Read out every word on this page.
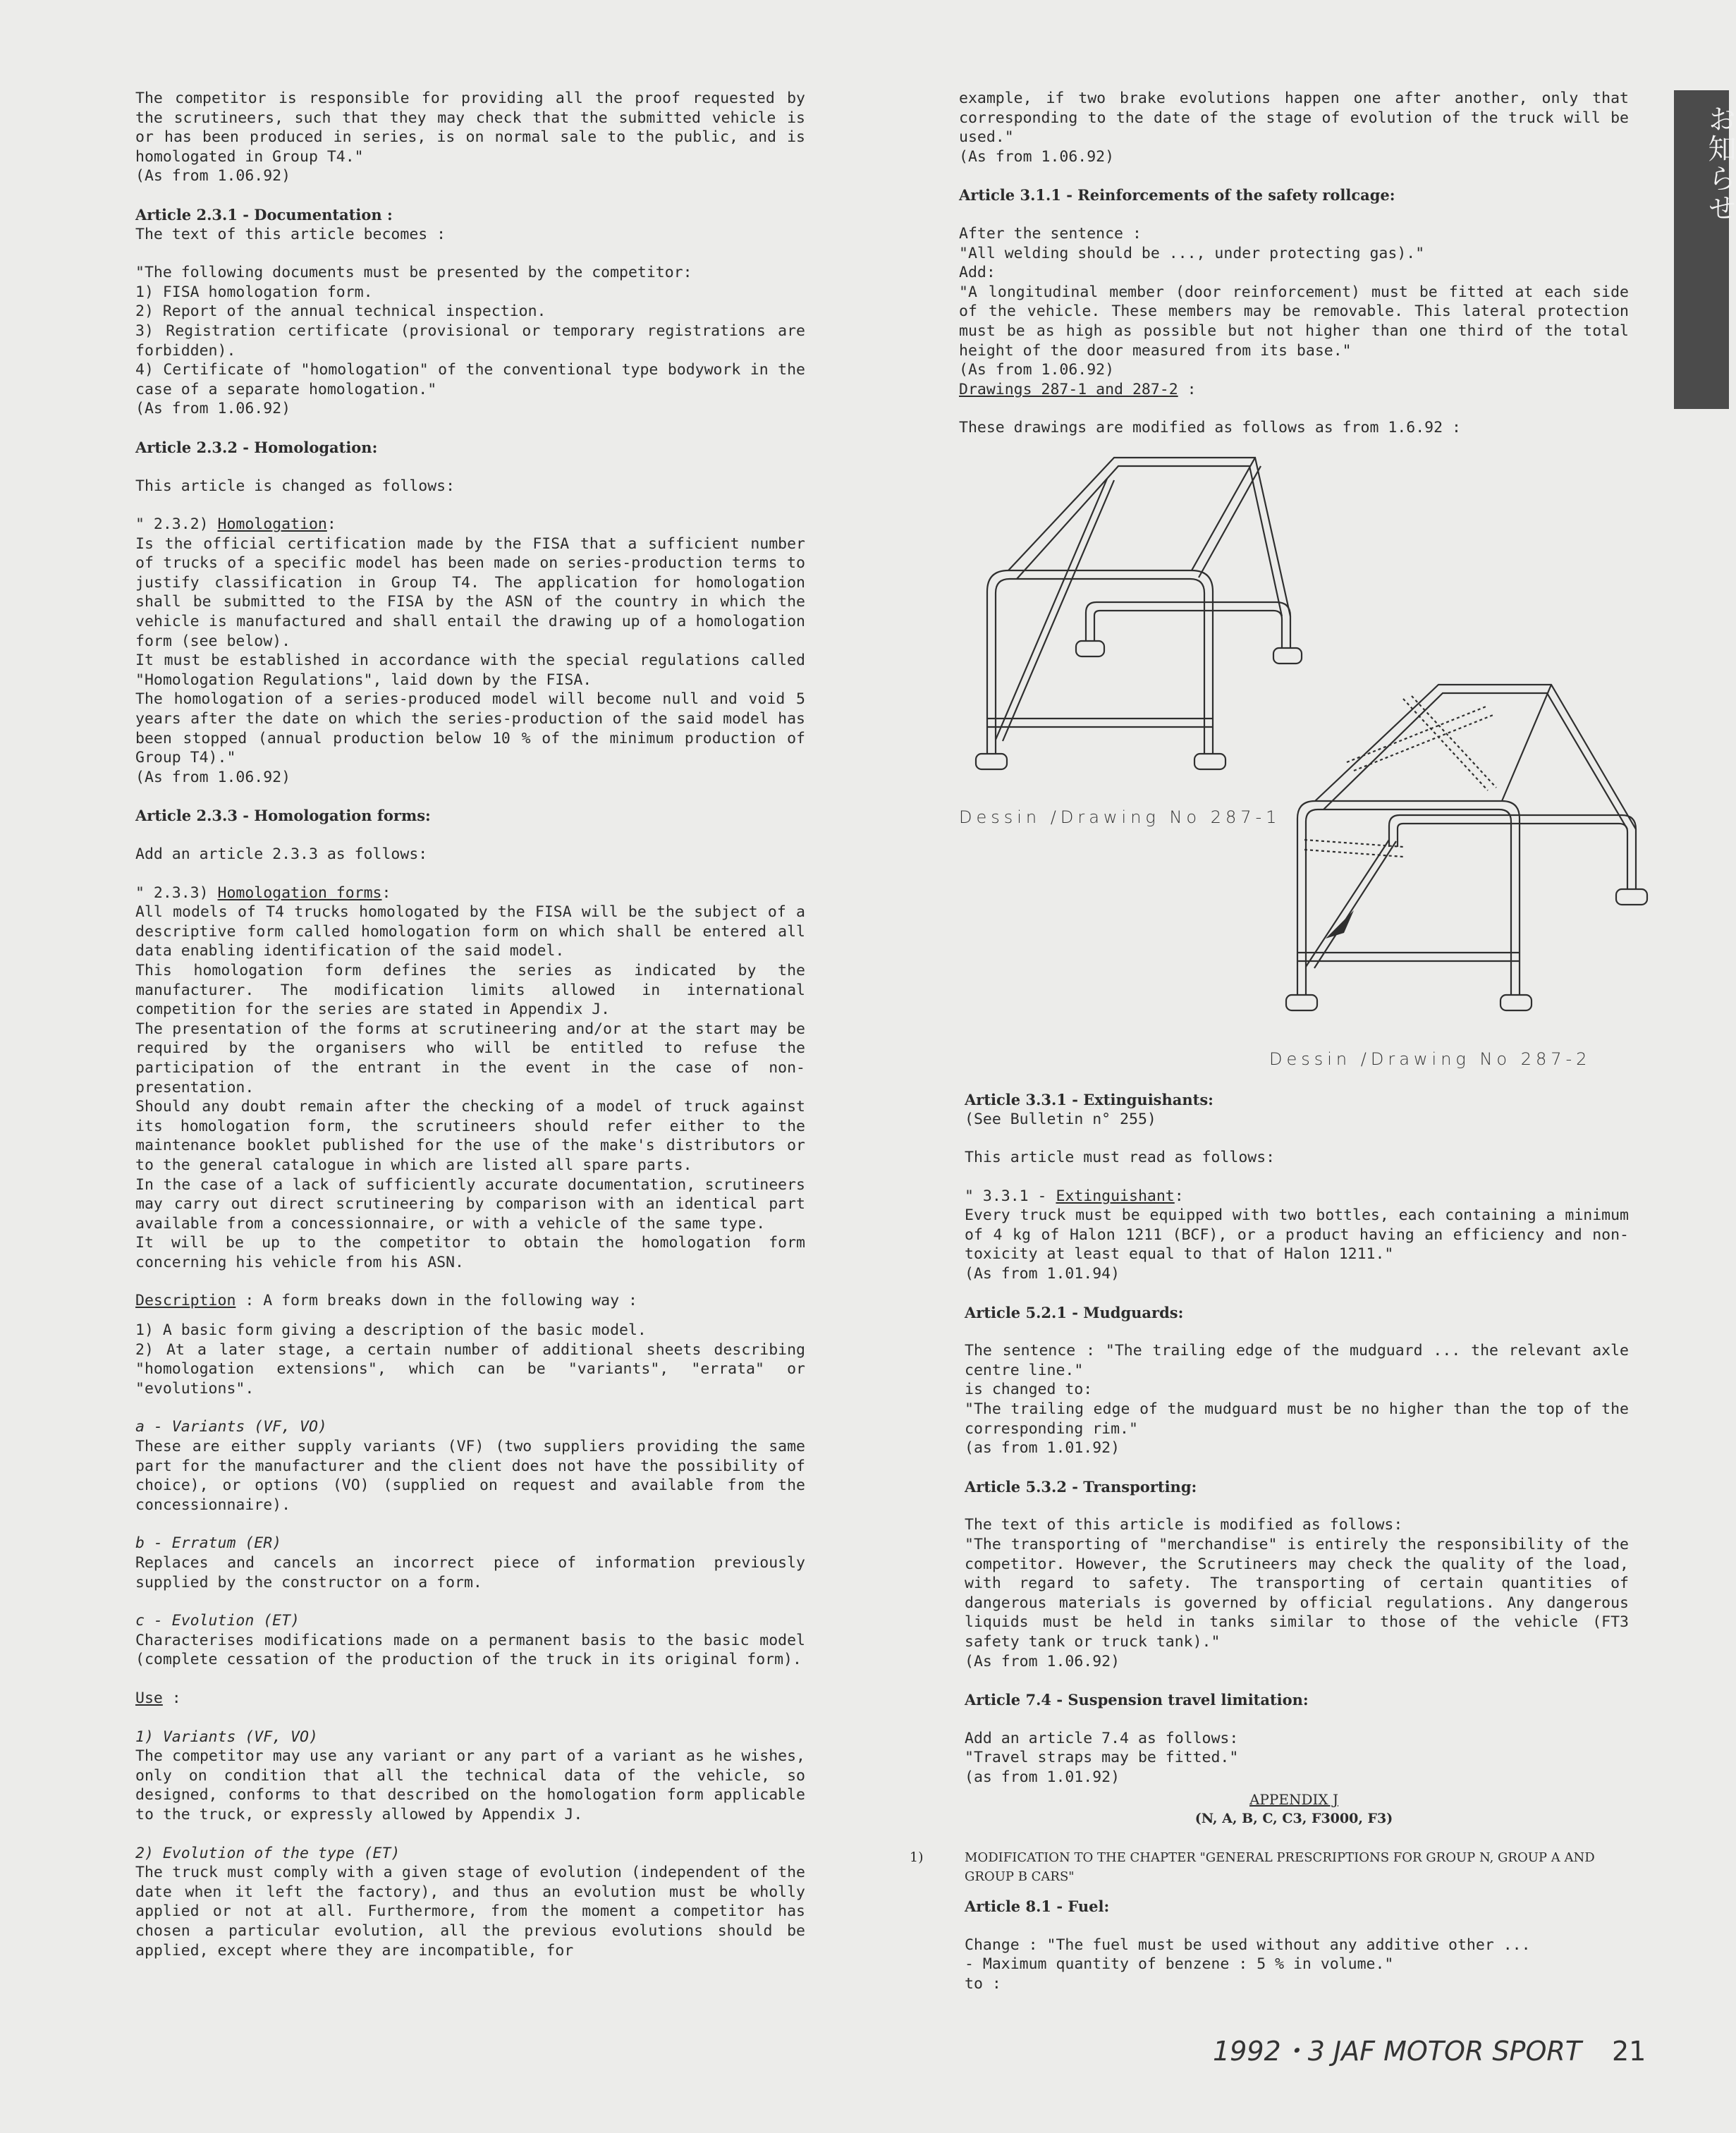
お知らせ
The competitor is responsible for providing all the proof requested by the scrutineers, such that they may check that the submitted vehicle is or has been produced in series, is on normal sale to the public, and is homologated in Group T4."
(As from 1.06.92)
Article 2.3.1 - Documentation :
The text of this article becomes :
"The following documents must be presented by the competitor:
1) FISA homologation form.
2) Report of the annual technical inspection.
3) Registration certificate (provisional or temporary registrations are forbidden).
4) Certificate of "homologation" of the conventional type bodywork in the case of a separate homologation."
(As from 1.06.92)
Article 2.3.2 - Homologation:
This article is changed as follows:
" 2.3.2) Homologation:
Is the official certification made by the FISA that a sufficient number of trucks of a specific model has been made on series-production terms to justify classification in Group T4. The application for homologation shall be submitted to the FISA by the ASN of the country in which the vehicle is manufactured and shall entail the drawing up of a homologation form (see below).
It must be established in accordance with the special regulations called "Homologation Regulations", laid down by the FISA.
The homologation of a series-produced model will become null and void 5 years after the date on which the series-production of the said model has been stopped (annual production below 10 % of the minimum production of Group T4)."
(As from 1.06.92)
Article 2.3.3 - Homologation forms:
Add an article 2.3.3 as follows:
" 2.3.3) Homologation forms:
All models of T4 trucks homologated by the FISA will be the subject of a descriptive form called homologation form on which shall be entered all data enabling identification of the said model.
This homologation form defines the series as indicated by the manufacturer. The modification limits allowed in international competition for the series are stated in Appendix J.
The presentation of the forms at scrutineering and/or at the start may be required by the organisers who will be entitled to refuse the participation of the entrant in the event in the case of non-presentation.
Should any doubt remain after the checking of a model of truck against its homologation form, the scrutineers should refer either to the maintenance booklet published for the use of the make's distributors or to the general catalogue in which are listed all spare parts.
In the case of a lack of sufficiently accurate documentation, scrutineers may carry out direct scrutineering by comparison with an identical part available from a concessionnaire, or with a vehicle of the same type.
It will be up to the competitor to obtain the homologation form concerning his vehicle from his ASN.
Description : A form breaks down in the following way :
1) A basic form giving a description of the basic model.
2) At a later stage, a certain number of additional sheets describing "homologation extensions", which can be "variants", "errata" or "evolutions".
a - Variants (VF, VO)
These are either supply variants (VF) (two suppliers providing the same part for the manufacturer and the client does not have the possibility of choice), or options (VO) (supplied on request and available from the concessionnaire).
b - Erratum (ER)
Replaces and cancels an incorrect piece of information previously supplied by the constructor on a form.
c - Evolution (ET)
Characterises modifications made on a permanent basis to the basic model (complete cessation of the production of the truck in its original form).
Use :
1) Variants (VF, VO)
The competitor may use any variant or any part of a variant as he wishes, only on condition that all the technical data of the vehicle, so designed, conforms to that described on the homologation form applicable to the truck, or expressly allowed by Appendix J.
2) Evolution of the type (ET)
The truck must comply with a given stage of evolution (independent of the date when it left the factory), and thus an evolution must be wholly applied or not at all. Furthermore, from the moment a competitor has chosen a particular evolution, all the previous evolutions should be applied, except where they are incompatible, for
example, if two brake evolutions happen one after another, only that corresponding to the date of the stage of evolution of the truck will be used."
(As from 1.06.92)
Article 3.1.1 - Reinforcements of the safety rollcage:
After the sentence :
"All welding should be ..., under protecting gas)."
Add:
"A longitudinal member (door reinforcement) must be fitted at each side of the vehicle. These members may be removable. This lateral protection must be as high as possible but not higher than one third of the total height of the door measured from its base."
(As from 1.06.92)
Drawings 287-1 and 287-2 :
These drawings are modified as follows as from 1.6.92 :
Dessin /Drawing No 287-1
Dessin /Drawing No 287-2
Article 3.3.1 - Extinguishants:
(See Bulletin n° 255)
This article must read as follows:
" 3.3.1 - Extinguishant:
Every truck must be equipped with two bottles, each containing a minimum of 4 kg of Halon 1211 (BCF), or a product having an efficiency and non-toxicity at least equal to that of Halon 1211."
(As from 1.01.94)
Article 5.2.1 - Mudguards:
The sentence : "The trailing edge of the mudguard ... the relevant axle centre line."
is changed to:
"The trailing edge of the mudguard must be no higher than the top of the corresponding rim."
(as from 1.01.92)
Article 5.3.2 - Transporting:
The text of this article is modified as follows:
"The transporting of "merchandise" is entirely the responsibility of the competitor. However, the Scrutineers may check the quality of the load, with regard to safety. The transporting of certain quantities of dangerous materials is governed by official regulations. Any dangerous liquids must be held in tanks similar to those of the vehicle (FT3 safety tank or truck tank)."
(As from 1.06.92)
Article 7.4 - Suspension travel limitation:
Add an article 7.4 as follows:
"Travel straps may be fitted."
(as from 1.01.92)
APPENDIX J
(N, A, B, C, C3, F3000, F3)
1)	MODIFICATION TO THE CHAPTER "GENERAL PRESCRIPTIONS FOR GROUP N, GROUP A AND GROUP B CARS"
Article 8.1 - Fuel:
Change : "The fuel must be used without any additive other ...
- Maximum quantity of benzene : 5 % in volume."
to :
1992・3 JAF MOTOR SPORT 21
